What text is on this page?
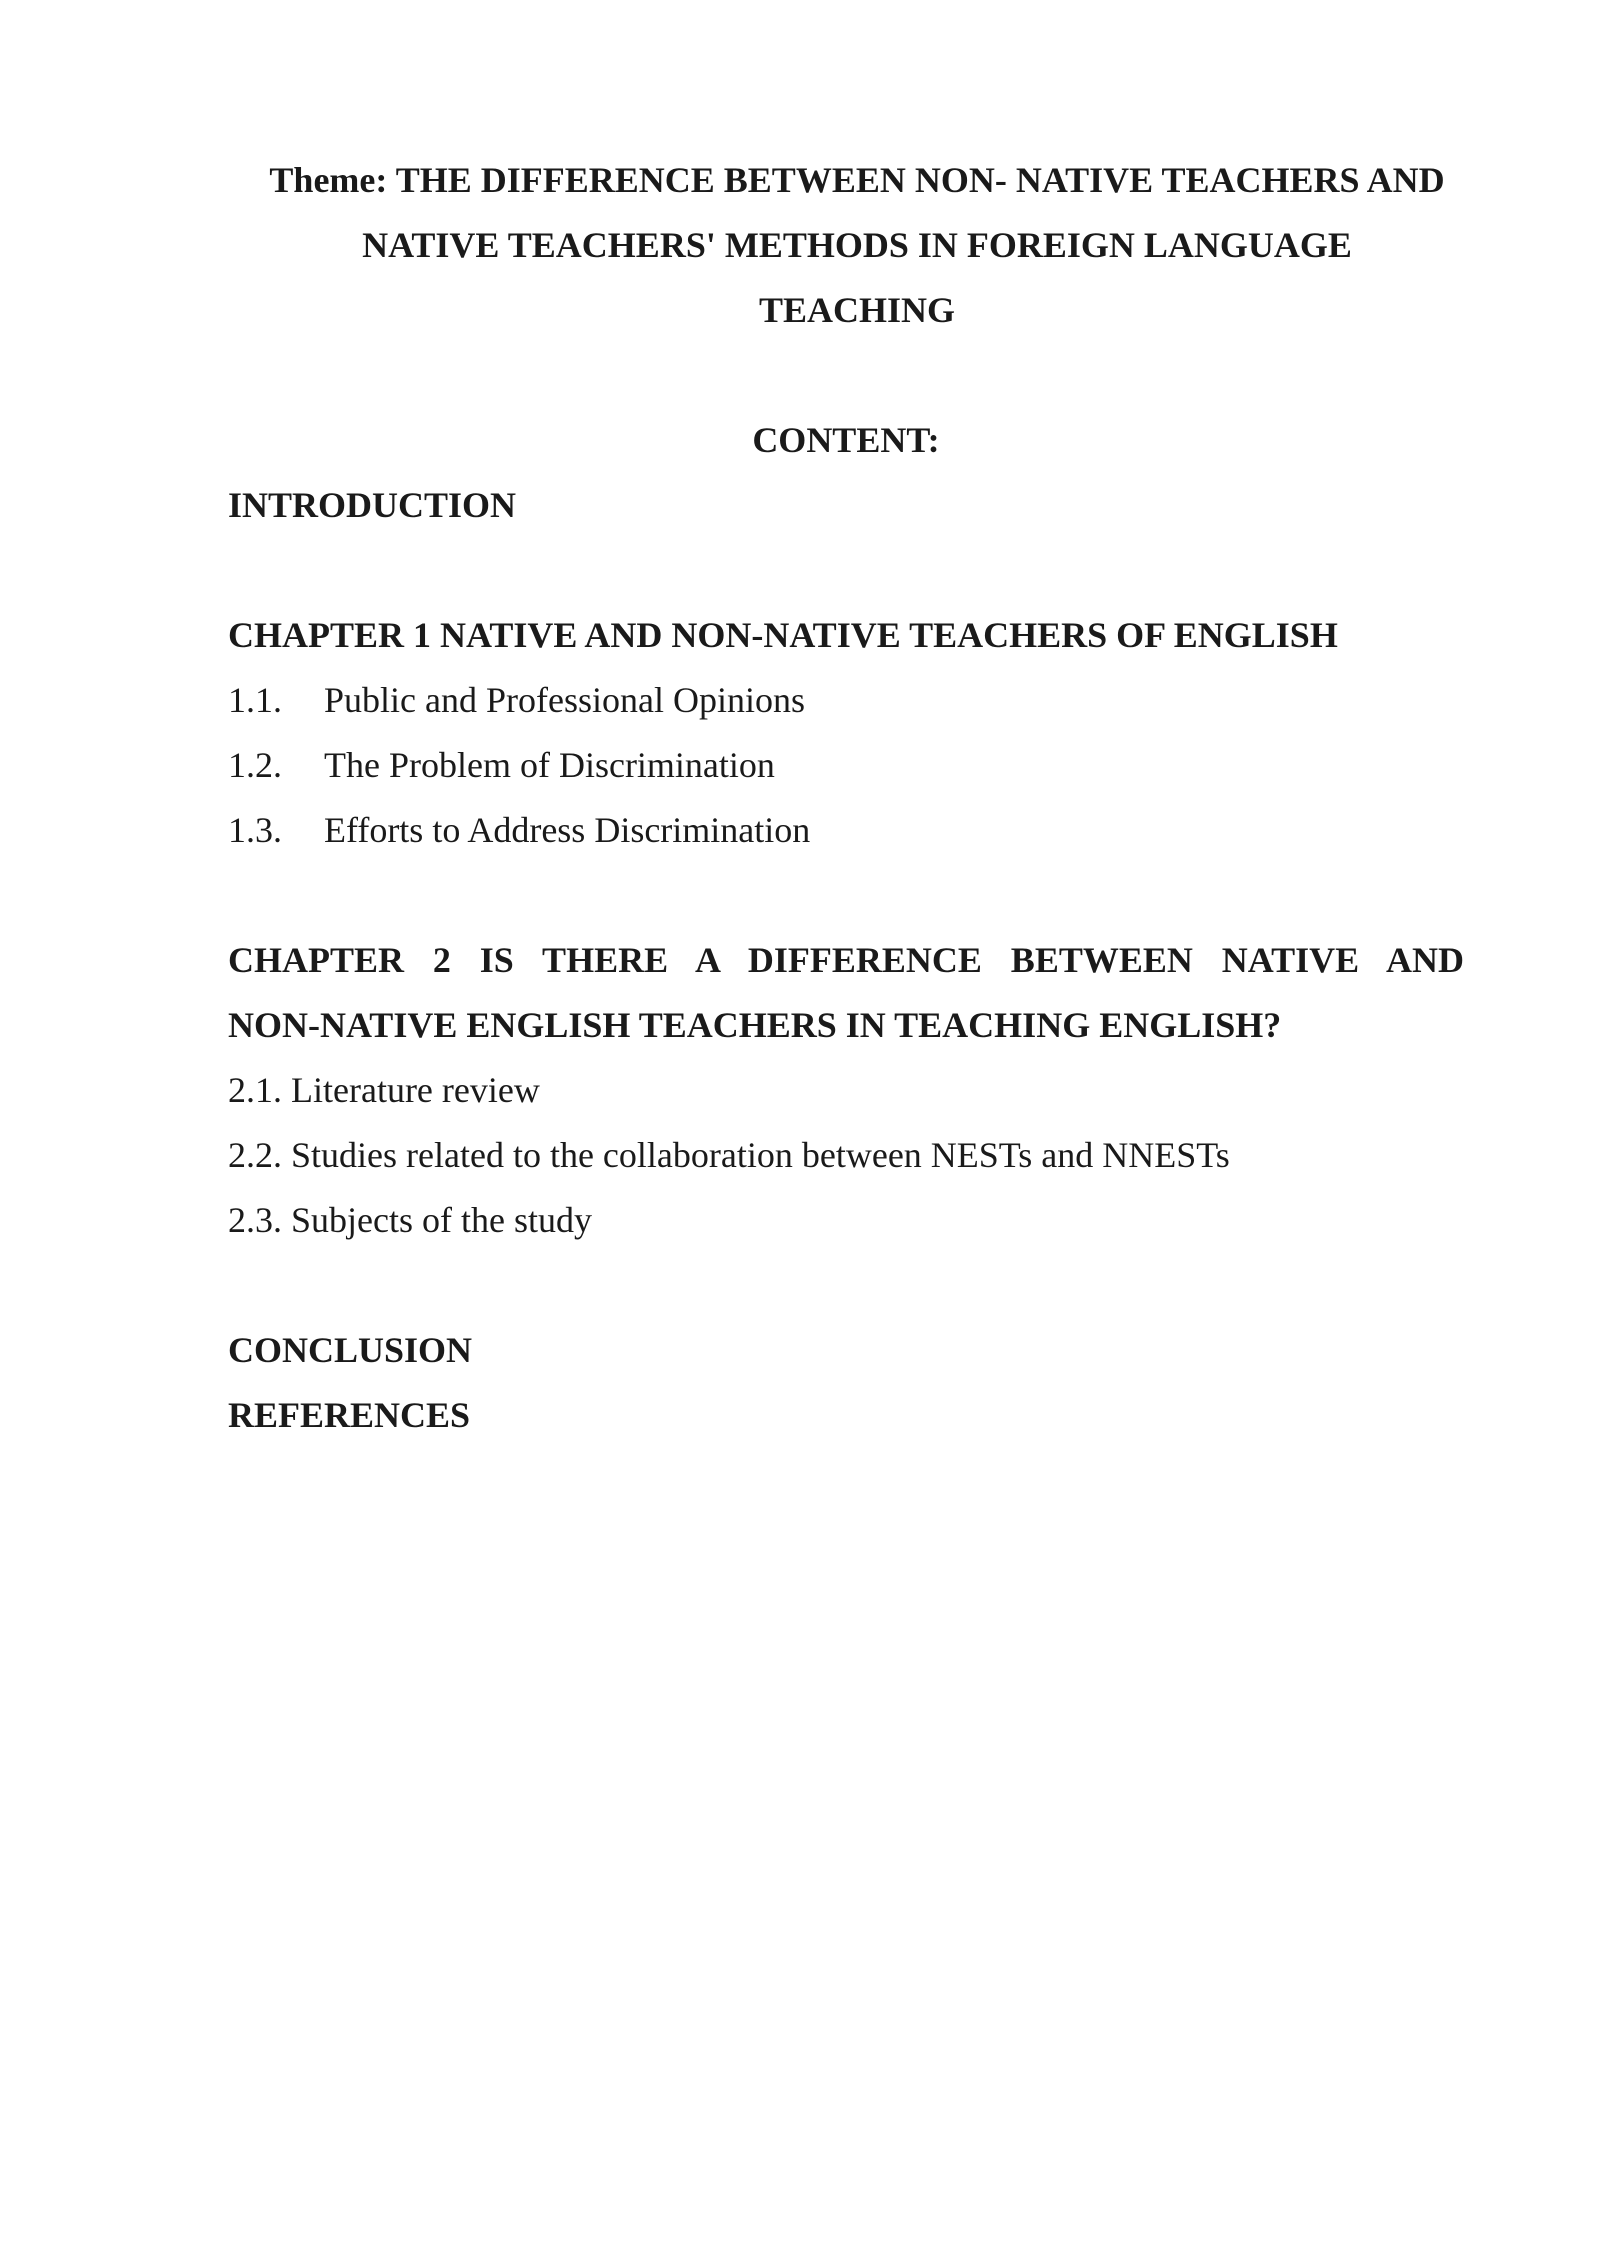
Theme: THE DIFFERENCE BETWEEN NON- NATIVE TEACHERS AND
NATIVE TEACHERS' METHODS IN FOREIGN LANGUAGE
TEACHING

CONTENT:

INTRODUCTION

CHAPTER 1 NATIVE AND NON-NATIVE TEACHERS OF ENGLISH

1.1. Public and Professional Opinions

1.2. The Problem of Discrimination

1.3. Efforts to Address Discrimination

CHAPTER 2 IS THERE A DIFFERENCE BETWEEN NATIVE AND

NON-NATIVE ENGLISH TEACHERS IN TEACHING ENGLISH?

2.1. Literature review

2.2. Studies related to the collaboration between NESTs and NNESTs

2.3. Subjects of the study

CONCLUSION

REFERENCES
